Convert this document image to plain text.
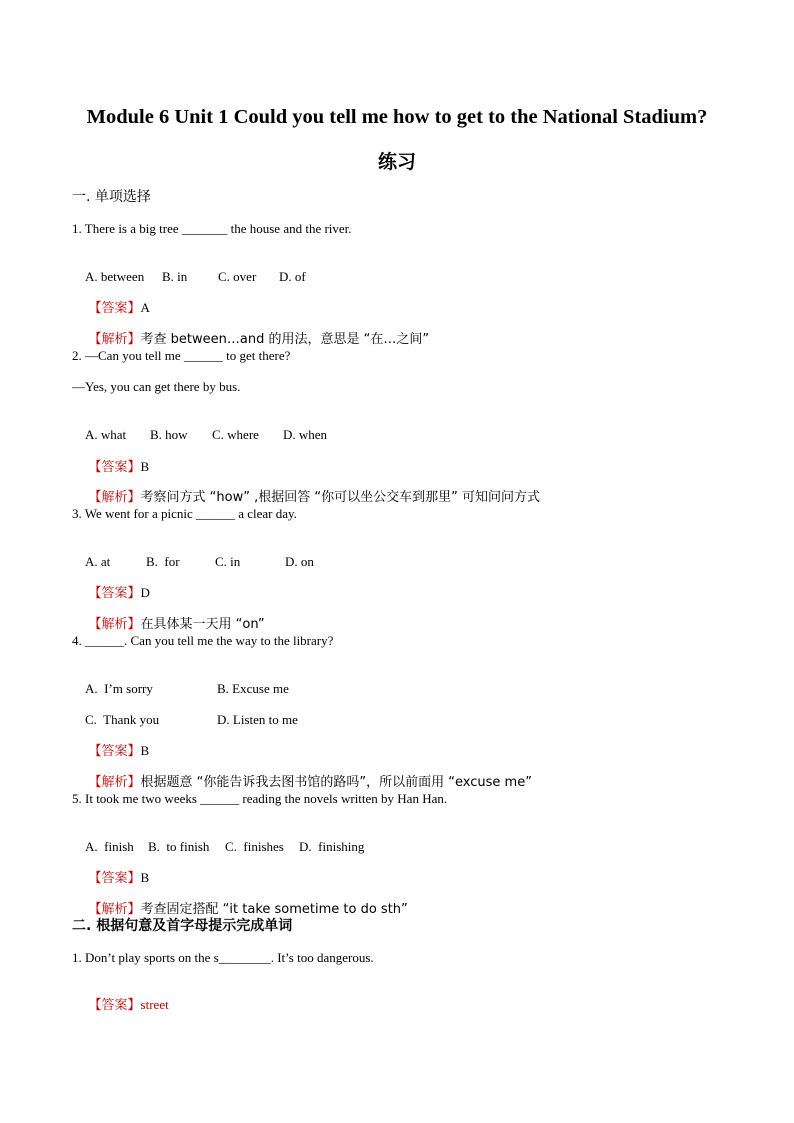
Module 6 Unit 1 Could you tell me how to get to the National Stadium?
练习
一. 单项选择
1. There is a big tree _______ the house and the river.

A. between B. in C. over D. of

【答案】A

【解析】考查 between…and 的用法，意思是 “在…之间”

2. —Can you tell me ______ to get there?
—Yes, you can get there by bus.

A. what B. how C. where D. when

【答案】B

【解析】考察问方式 “how” ,根据回答 “你可以坐公交车到那里” 可知问问方式

3. We went for a picnic ______ a clear day.

A. at	B.  for	C. in	D. on

【答案】D

【解析】在具体某一天用 “on”

4. ______. Can you tell me the way to the library?

A.  I’m sorry	B. Excuse me

C.  Thank you	D. Listen to me

【答案】B

【解析】根据题意 “你能告诉我去图书馆的路吗”，所以前面用 “excuse me”

5. It took me two weeks ______ reading the novels written by Han Han.

A.  finish B.  to finish C.  finishes D.  finishing

【答案】B

【解析】考查固定搭配 “it take sometime to do sth”

二. 根据句意及首字母提示完成单词
1. Don’t play sports on the s________. It’s too dangerous.

【答案】street
